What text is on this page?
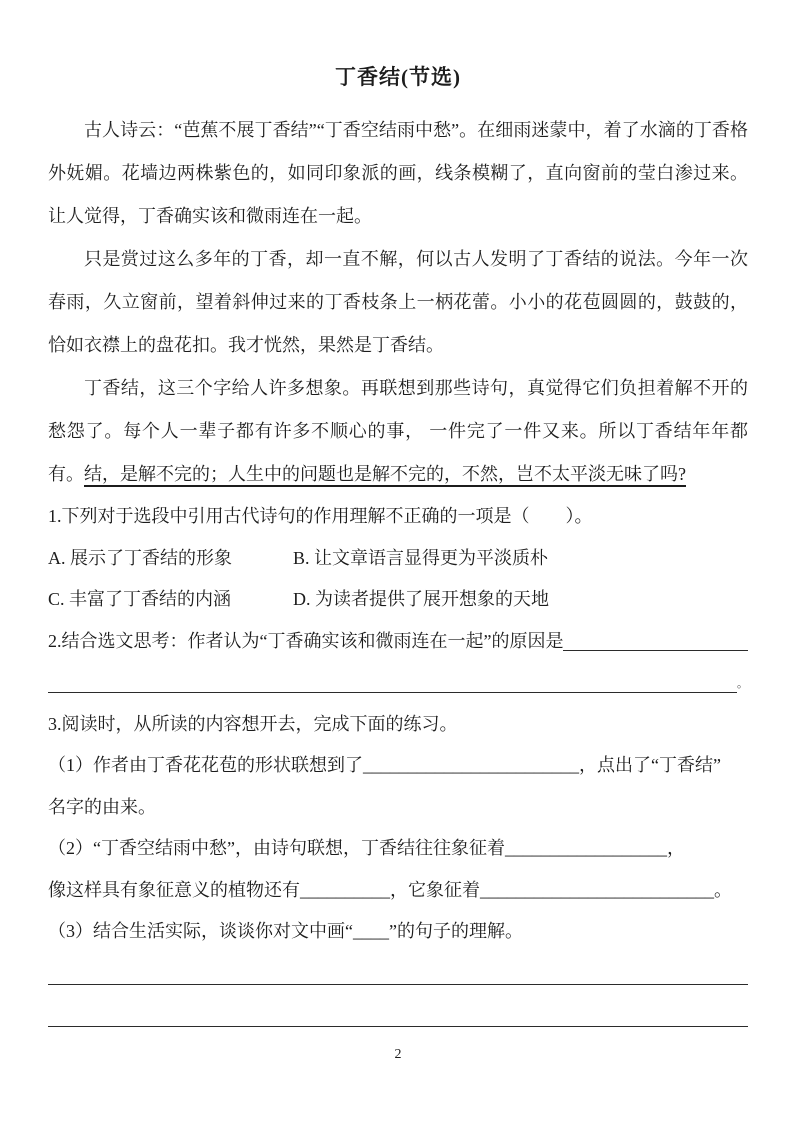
丁香结(节选)

古人诗云：“芭蕉不展丁香结”“丁香空结雨中愁”。在细雨迷蒙中，着了水滴的丁香格外妩媚。花墙边两株紫色的，如同印象派的画，线条模糊了，直向窗前的莹白渗过来。让人觉得，丁香确实该和微雨连在一起。

只是赏过这么多年的丁香，却一直不解，何以古人发明了丁香结的说法。今年一次春雨，久立窗前，望着斜伸过来的丁香枝条上一柄花蕾。小小的花苞圆圆的，鼓鼓的，恰如衣襟上的盘花扣。我才恍然，果然是丁香结。

丁香结，这三个字给人许多想象。再联想到那些诗句，真觉得它们负担着解不开的愁怨了。每个人一辈子都有许多不顺心的事， 一件完了一件又来。所以丁香结年年都有。结，是解不完的；人生中的问题也是解不完的，不然，岂不太平淡无味了吗?

1.下列对于选段中引用古代诗句的作用理解不正确的一项是（　　）。

A. 展示了丁香结的形象	B. 让文章语言显得更为平淡质朴
C. 丰富了丁香结的内涵	D. 为读者提供了展开想象的天地
2.结合选文思考：作者认为“丁香确实该和微雨连在一起”的原因是
。

3.阅读时，从所读的内容想开去，完成下面的练习。

（1）作者由丁香花花苞的形状联想到了________________________，点出了“丁香结”

名字的由来。

（2）“丁香空结雨中愁”，由诗句联想，丁香结往往象征着__________________，

像这样具有象征意义的植物还有__________，它象征着__________________________。

（3）结合生活实际，谈谈你对文中画“____”的句子的理解。

2
